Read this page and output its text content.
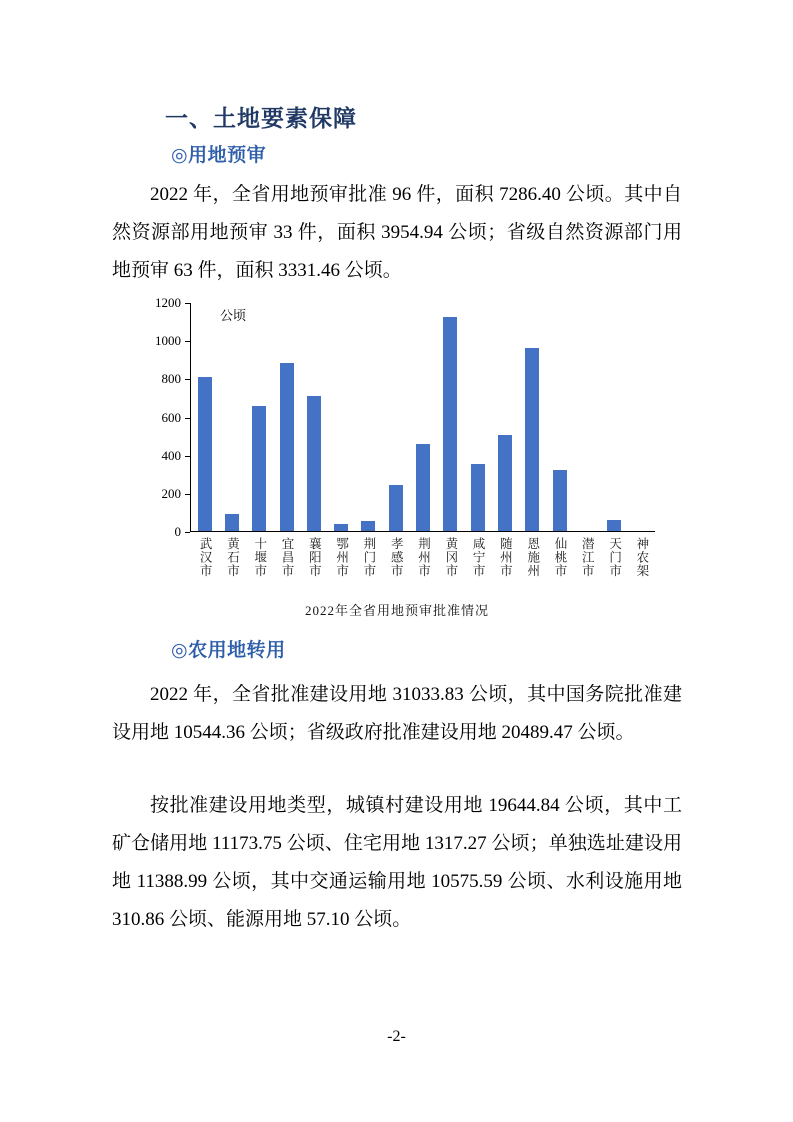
一、土地要素保障
◎用地预审
2022 年，全省用地预审批准 96 件，面积 7286.40 公顷。其中自然资源部用地预审 33 件，面积 3954.94 公顷；省级自然资源部门用地预审 63 件，面积 3331.46 公顷。
公顷
0
200
400
600
800
1000
1200
武汉市 黄石市 十堰市 宜昌市 襄阳市 鄂州市 荆门市 孝感市 荆州市 黄冈市 咸宁市 随州市 恩施州 仙桃市 潜江市 天门市 神农架
2022年全省用地预审批准情况
◎农用地转用
2022 年，全省批准建设用地 31033.83 公顷，其中国务院批准建设用地 10544.36 公顷；省级政府批准建设用地 20489.47 公顷。
按批准建设用地类型，城镇村建设用地 19644.84 公顷，其中工矿仓储用地 11173.75 公顷、住宅用地 1317.27 公顷；单独选址建设用地 11388.99 公顷，其中交通运输用地 10575.59 公顷、水利设施用地 310.86 公顷、能源用地 57.10 公顷。
-2-
